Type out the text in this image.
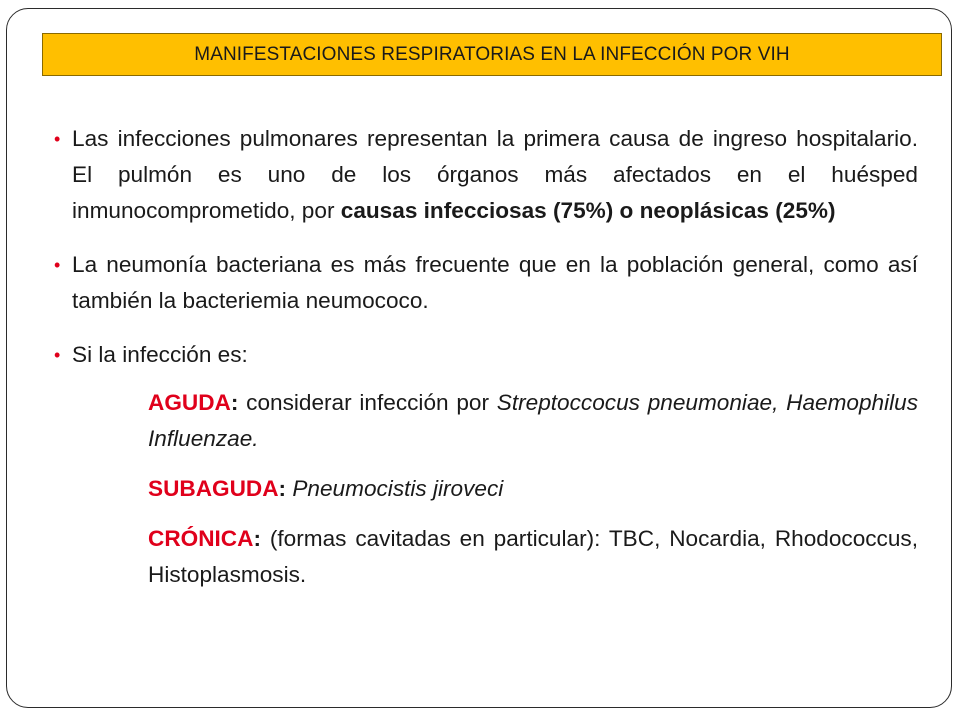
MANIFESTACIONES RESPIRATORIAS EN LA INFECCIÓN POR VIH
• Las infecciones pulmonares representan la primera causa de ingreso hospitalario. El pulmón es uno de los órganos más afectados en el huésped inmunocomprometido, por causas infecciosas (75%) o neoplásicas (25%)
• La neumonía bacteriana es más frecuente que en la población general, como así también la bacteriemia neumococo.
• Si la infección es:
AGUDA: considerar infección por Streptoccocus pneumoniae, Haemophilus Influenzae.
SUBAGUDA: Pneumocistis jiroveci
CRÓNICA: (formas cavitadas en particular): TBC, Nocardia, Rhodococcus, Histoplasmosis.
